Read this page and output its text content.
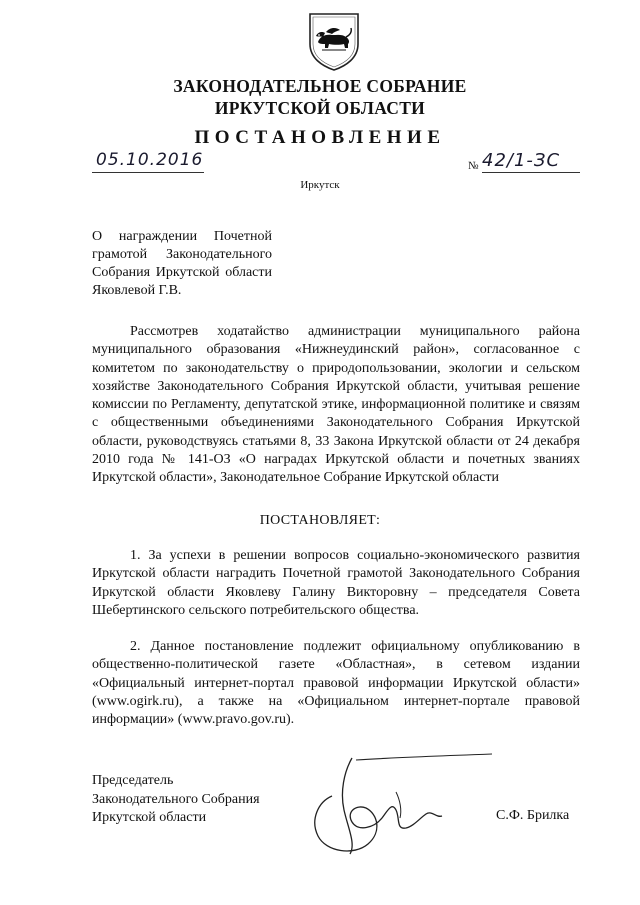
ЗАКОНОДАТЕЛЬНОЕ СОБРАНИЕ
ИРКУТСКОЙ ОБЛАСТИ
ПОСТАНОВЛЕНИЕ
05.10.2016	№ 42/1-ЗС
Иркутск
О награждении Почетной грамотой Законодательного Собрания Иркутской области Яковлевой Г.В.
Рассмотрев ходатайство администрации муниципального района муниципального образования «Нижнеудинский район», согласованное с комитетом по законодательству о природопользовании, экологии и сельском хозяйстве Законодательного Собрания Иркутской области, учитывая решение комиссии по Регламенту, депутатской этике, информационной политике и связям с общественными объединениями Законодательного Собрания Иркутской области, руководствуясь статьями 8, 33 Закона Иркутской области от 24 декабря 2010 года № 141-ОЗ «О наградах Иркутской области и почетных званиях Иркутской области», Законодательное Собрание Иркутской области
ПОСТАНОВЛЯЕТ:
1. За успехи в решении вопросов социально-экономического развития Иркутской области наградить Почетной грамотой Законодательного Собрания Иркутской области Яковлеву Галину Викторовну – председателя Совета Шебертинского сельского потребительского общества.
2. Данное постановление подлежит официальному опубликованию в общественно-политической газете «Областная», в сетевом издании «Официальный интернет-портал правовой информации Иркутской области» (www.ogirk.ru), а также на «Официальном интернет-портале правовой информации» (www.pravo.gov.ru).
Председатель
Законодательного Собрания
Иркутской области	С.Ф. Брилка
